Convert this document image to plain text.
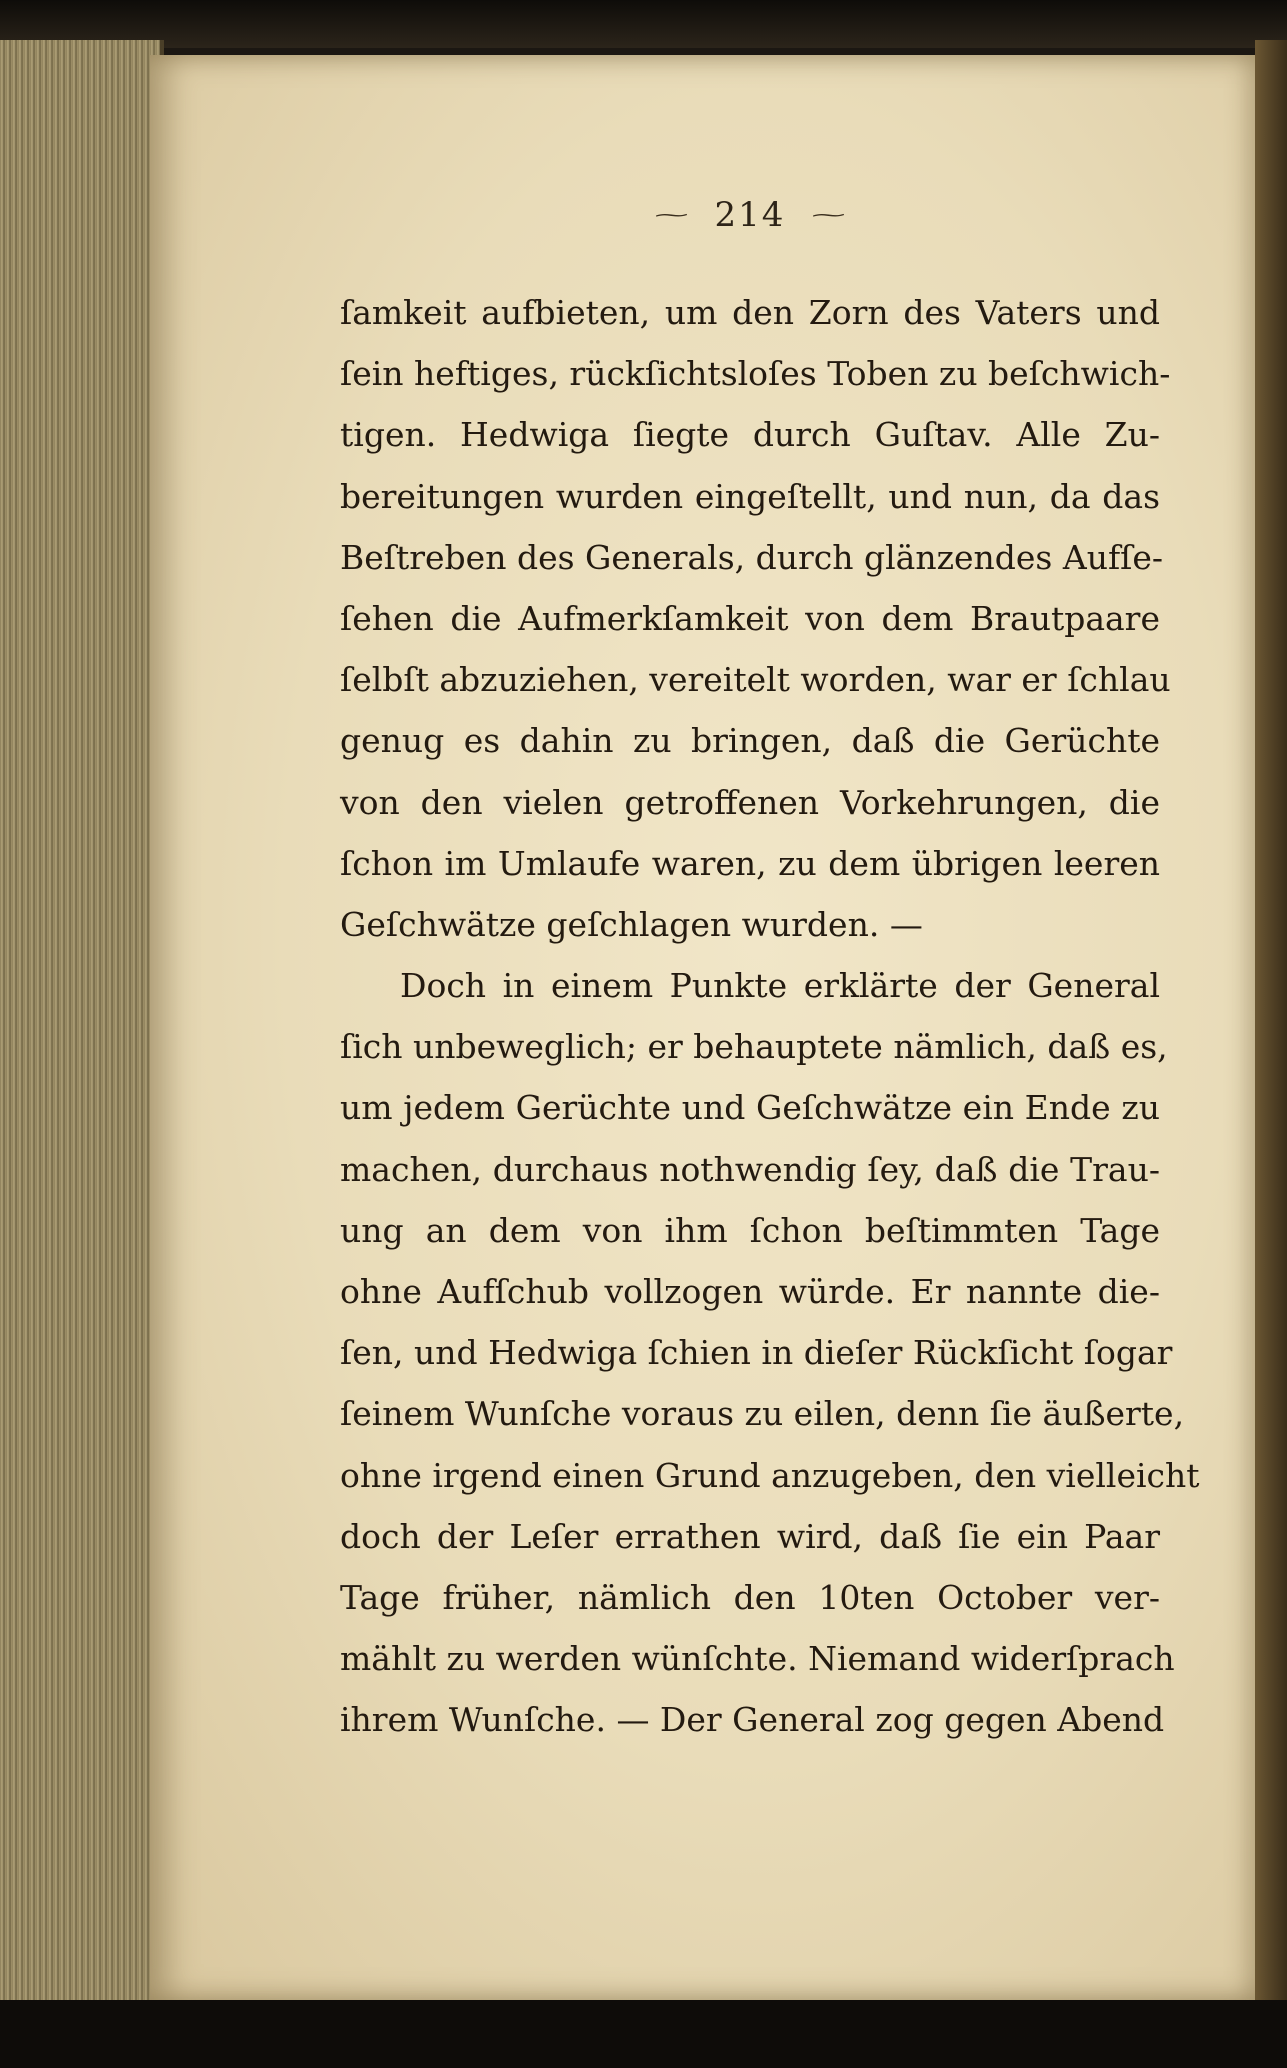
⁓ 214 ⁓
ſamkeit aufbieten, um den Zorn des Vaters und
ſein heftiges, rückſichtsloſes Toben zu beſchwich-
tigen. Hedwiga ſiegte durch Guſtav. Alle Zu-
bereitungen wurden eingeſtellt, und nun, da das
Beſtreben des Generals, durch glänzendes Aufſe-
ſehen die Aufmerkſamkeit von dem Brautpaare
ſelbſt abzuziehen, vereitelt worden, war er ſchlau
genug es dahin zu bringen, daß die Gerüchte
von den vielen getroffenen Vorkehrungen, die
ſchon im Umlaufe waren, zu dem übrigen leeren
Geſchwätze geſchlagen wurden. —
Doch in einem Punkte erklärte der General
ſich unbeweglich; er behauptete nämlich, daß es,
um jedem Gerüchte und Geſchwätze ein Ende zu
machen, durchaus nothwendig ſey, daß die Trau-
ung an dem von ihm ſchon beſtimmten Tage
ohne Aufſchub vollzogen würde. Er nannte die-
ſen, und Hedwiga ſchien in dieſer Rückſicht ſogar
ſeinem Wunſche voraus zu eilen, denn ſie äußerte,
ohne irgend einen Grund anzugeben, den vielleicht
doch der Leſer errathen wird, daß ſie ein Paar
Tage früher, nämlich den 10ten October ver-
mählt zu werden wünſchte. Niemand widerſprach
ihrem Wunſche. — Der General zog gegen Abend
